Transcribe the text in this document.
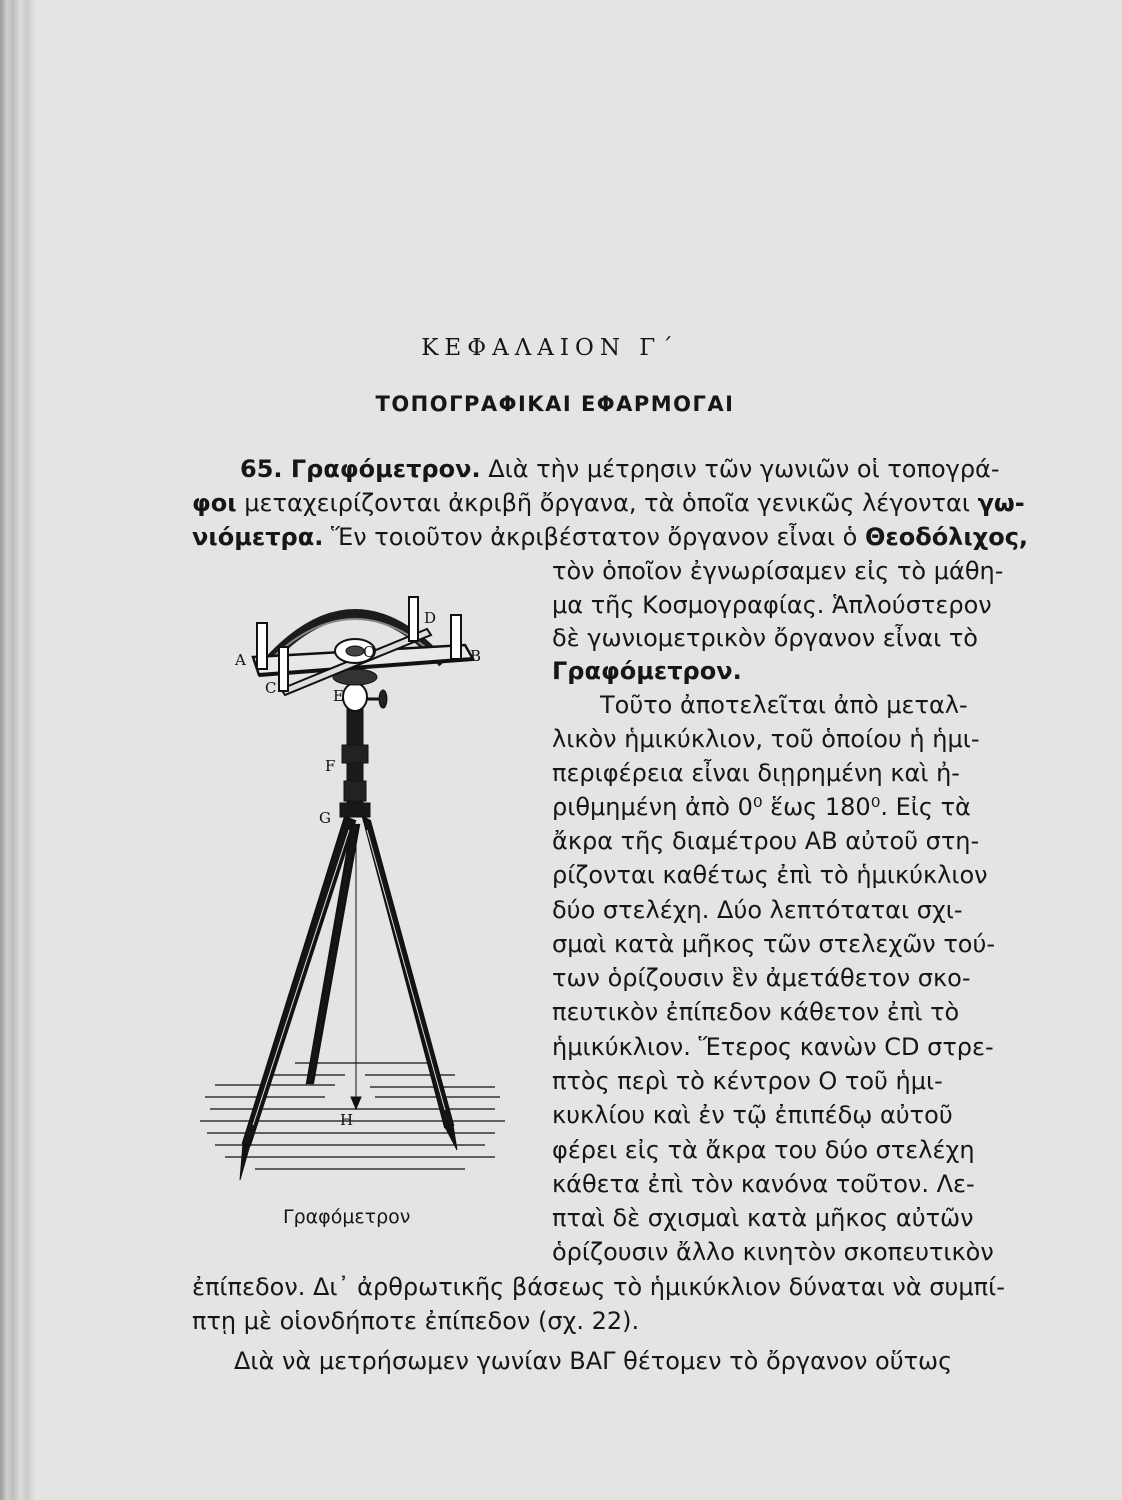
ΚΕΦΑΛΑΙΟΝ Γ΄
ΤΟΠΟΓΡΑΦΙΚΑΙ ΕΦΑΡΜΟΓΑΙ
65. Γραφόμετρον. Διὰ τὴν μέτρησιν τῶν γωνιῶν οἱ τοπογρά-
φοι μεταχειρίζονται ἀκριβῆ ὄργανα, τὰ ὁποῖα γενικῶς λέγονται γω-
νιόμετρα. Ἕν τοιοῦτον ἀκριβέστατον ὄργανον εἶναι ὁ Θεοδόλιχος,
τὸν ὁποῖον ἐγνωρίσαμεν εἰς τὸ μάθη-
μα τῆς Κοσμογραφίας. Ἁπλούστερον
δὲ γωνιομετρικὸν ὄργανον εἶναι τὸ
Γραφόμετρον.
Τοῦτο ἀποτελεῖται ἀπὸ μεταλ-
λικὸν ἡμικύκλιον, τοῦ ὁποίου ἡ ἡμι-
περιφέρεια εἶναι διῃρημένη καὶ ἠ-
ριθμημένη ἀπὸ 0⁰ ἕως 180⁰. Εἰς τὰ
ἄκρα τῆς διαμέτρου ΑΒ αὐτοῦ στη-
ρίζονται καθέτως ἐπὶ τὸ ἡμικύκλιον
δύο στελέχη. Δύο λεπτόταται σχι-
σμαὶ κατὰ μῆκος τῶν στελεχῶν τού-
των ὁρίζουσιν ἓν ἀμετάθετον σκο-
πευτικὸν ἐπίπεδον κάθετον ἐπὶ τὸ
ἡμικύκλιον. Ἕτερος κανὼν CD στρε-
πτὸς περὶ τὸ κέντρον Ο τοῦ ἡμι-
κυκλίου καὶ ἐν τῷ ἐπιπέδῳ αὐτοῦ
φέρει εἰς τὰ ἄκρα του δύο στελέχη
κάθετα ἐπὶ τὸν κανόνα τοῦτον. Λε-
πταὶ δὲ σχισμαὶ κατὰ μῆκος αὐτῶν
ὁρίζουσιν ἄλλο κινητὸν σκοπευτικὸν
ἐπίπεδον. Δι᾽ ἀρθρωτικῆς βάσεως τὸ ἡμικύκλιον δύναται νὰ συμπί-
πτῃ μὲ οἱονδήποτε ἐπίπεδον (σχ. 22).
Διὰ νὰ μετρήσωμεν γωνίαν ΒΑΓ θέτομεν τὸ ὄργανον οὕτως
A	B
C
D
E
O
F
G
H
Γραφόμετρον
